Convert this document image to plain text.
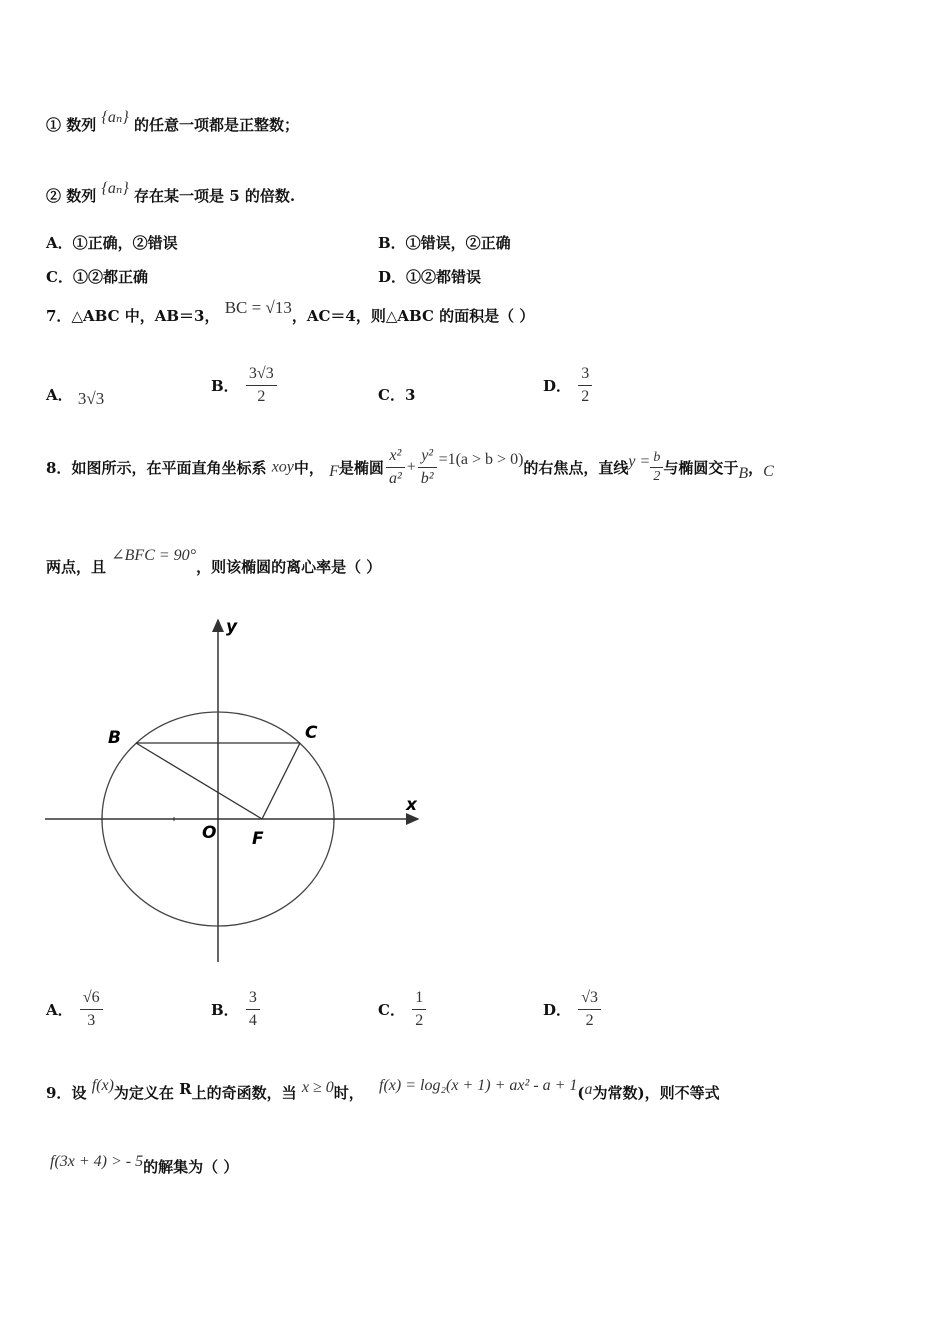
① 数列 {aₙ} 的任意一项都是正整数；
② 数列 {aₙ} 存在某一项是 5 的倍数.
A．①正确，②错误	B．①错误，②正确
C．①②都正确	D．①②都错误
7．△ABC 中，AB＝3， BC = √13，AC＝4，则△ABC 的面积是（ ）
A． 3√3
B． $\frac{3√3}{2}$	C．3	D． $\frac{3}{2}$
8．如图所示，在平面直角坐标系 xoy中， F是椭圆 $\frac{\text{x²}}{\text{a²}} + \frac{\text{y²}}{\text{b²}} =1(a > b > 0)$的右焦点，直线$y = \frac{b}{2}$ 与椭圆交于B，C
两点，且 ∠BFC = 90°，则该椭圆的离心率是（ ）
y
x
O F
B	C
A． $\frac{√6}{3}$	B． $\frac{3}{4}$	C． $\frac{1}{2}$	D． $\frac{√3}{2}$
9．设 f(x)为定义在 R上的奇函数，当 x ≥ 0时， f(x) = log₂(x + 1) + ax² - a + 1(a为常数)，则不等式
f(3x + 4) > - 5的解集为（ ）
